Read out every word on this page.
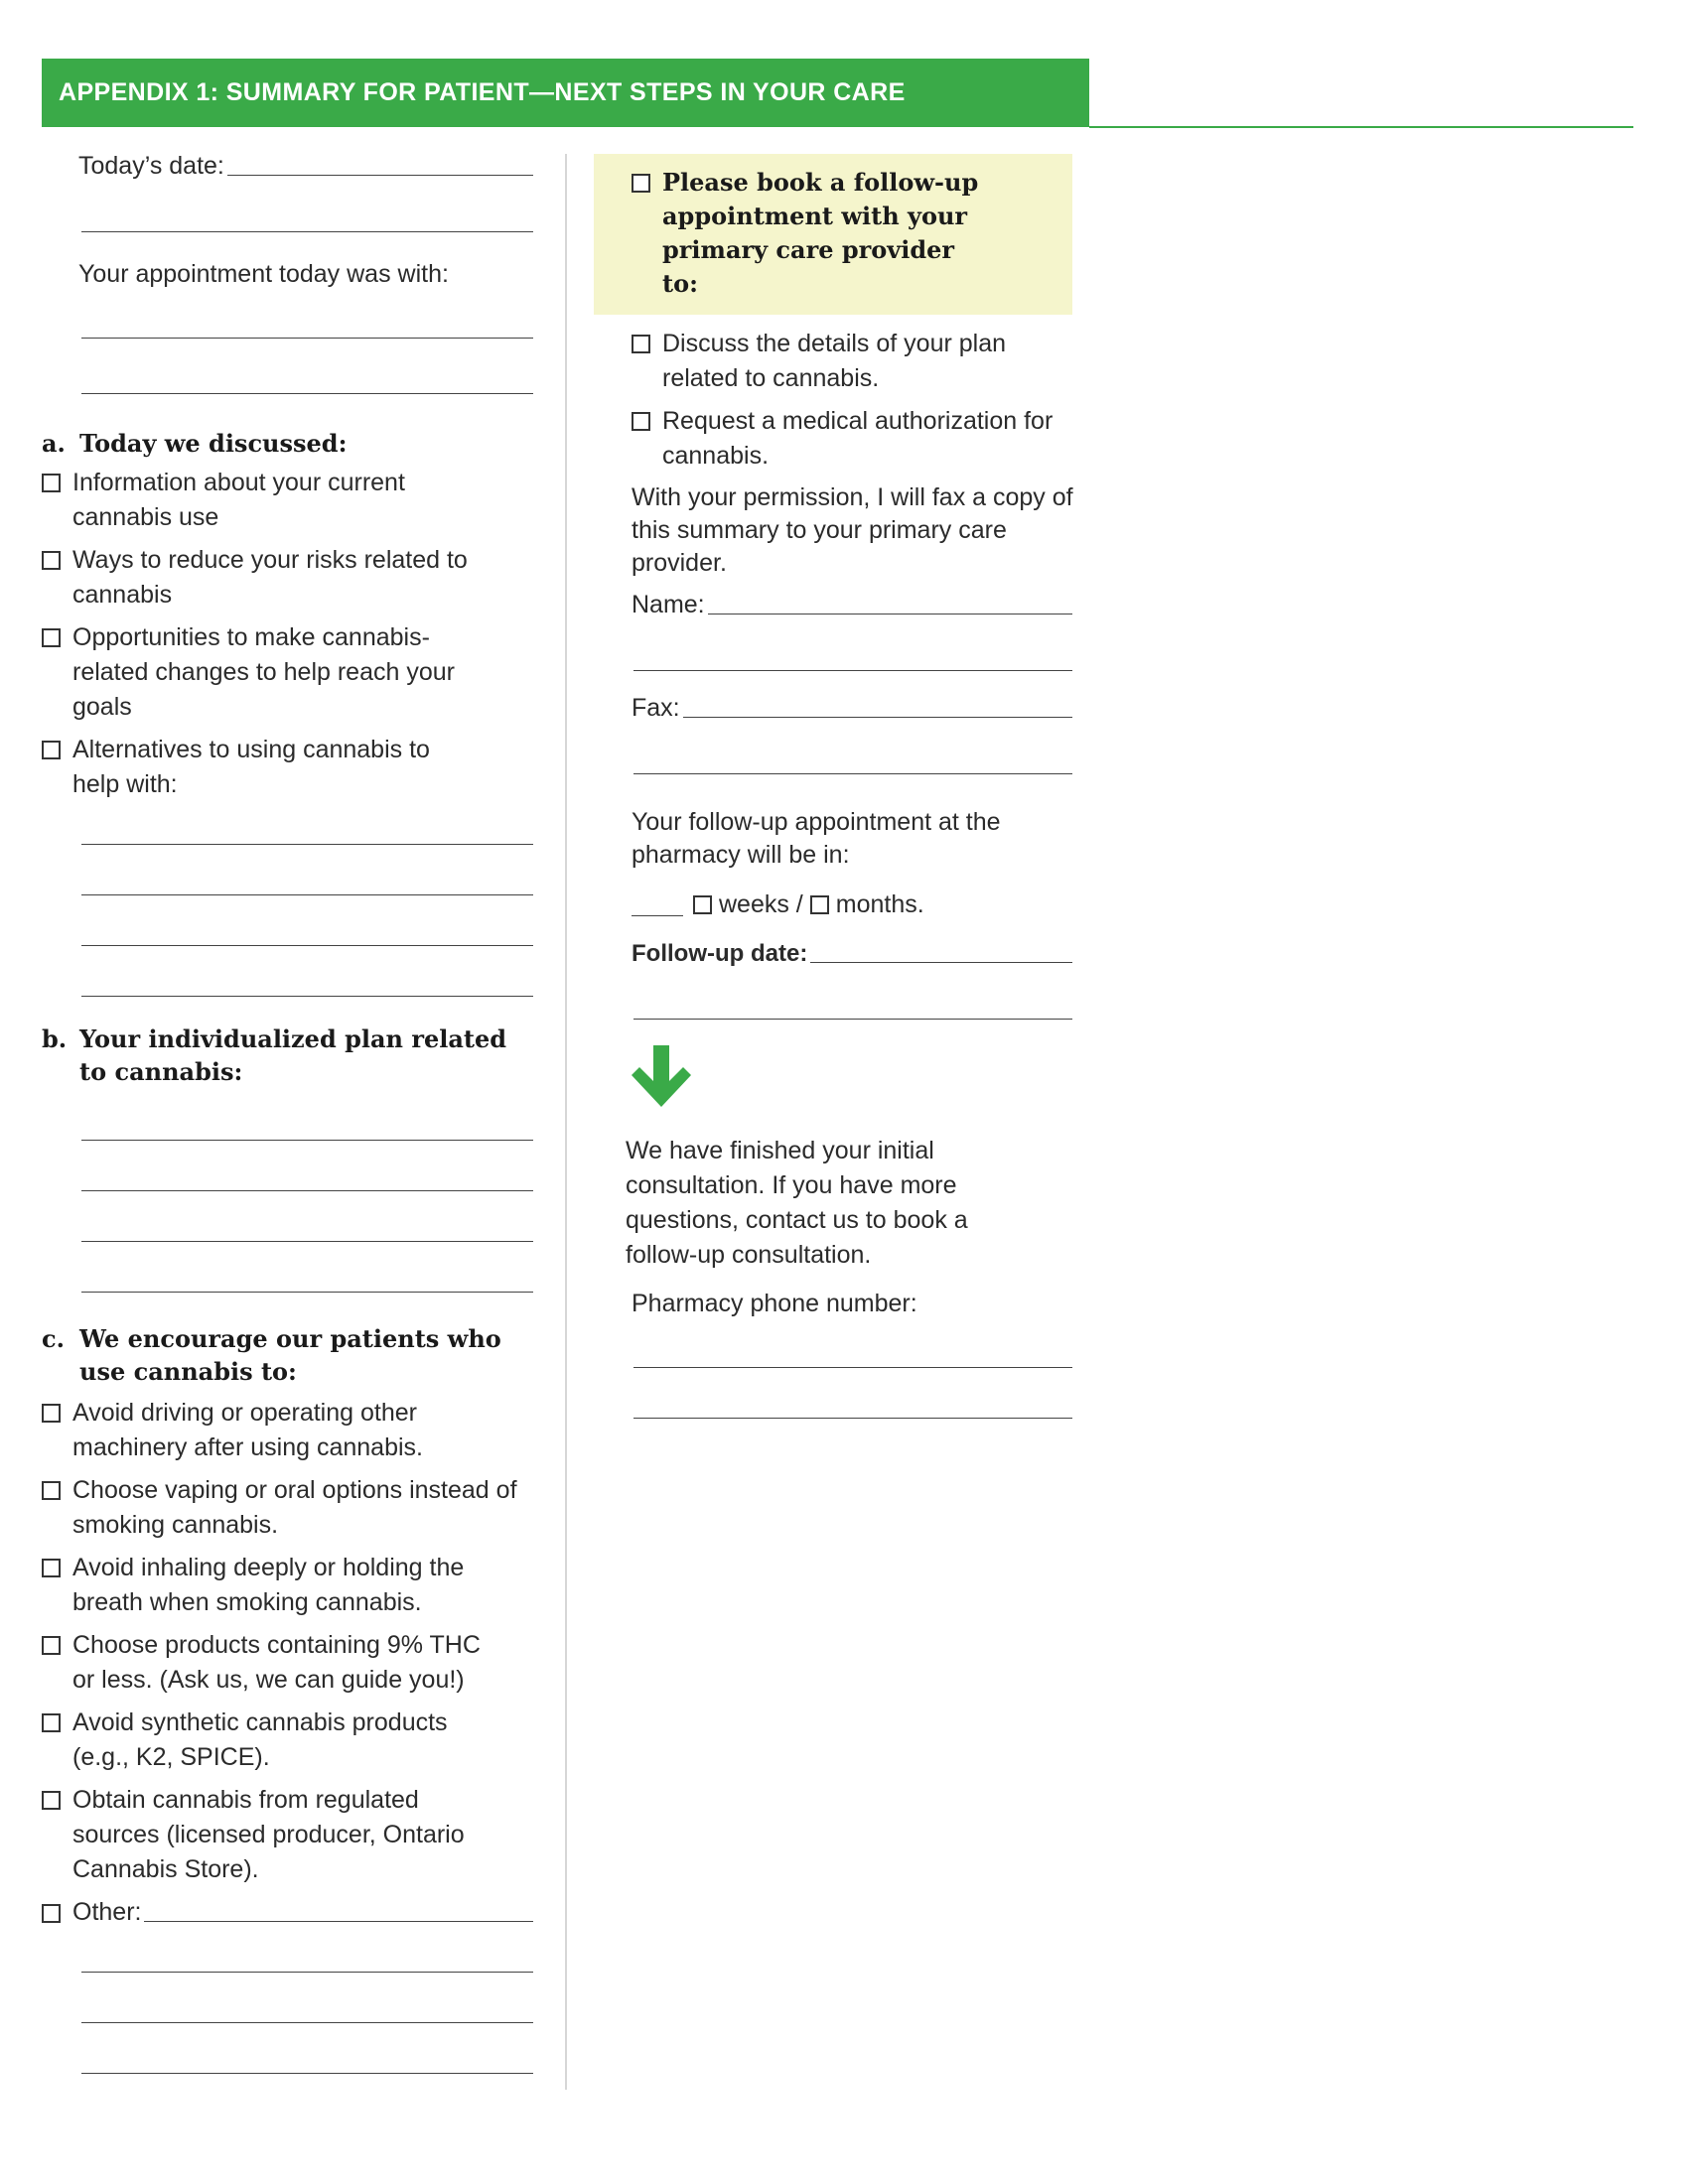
APPENDIX 1: SUMMARY FOR PATIENT—NEXT STEPS IN YOUR CARE
Today’s date:
Your appointment today was with:
a. Today we discussed:
Information about your current cannabis use
Ways to reduce your risks related to cannabis
Opportunities to make cannabis-related changes to help reach your goals
Alternatives to using cannabis to help with:
b. Your individualized plan related to cannabis:
c. We encourage our patients who use cannabis to:
Avoid driving or operating other machinery after using cannabis.
Choose vaping or oral options instead of smoking cannabis.
Avoid inhaling deeply or holding the breath when smoking cannabis.
Choose products containing 9% THC or less. (Ask us, we can guide you!)
Avoid synthetic cannabis products (e.g., K2, SPICE).
Obtain cannabis from regulated sources (licensed producer, Ontario Cannabis Store).
Other:
Please book a follow-up appointment with your primary care provider to:
Discuss the details of your plan related to cannabis.
Request a medical authorization for cannabis.
With your permission, I will fax a copy of this summary to your primary care provider.
Name:
Fax:
Your follow-up appointment at the pharmacy will be in:
weeks / months.
Follow-up date:
We have finished your initial consultation. If you have more questions, contact us to book a follow-up consultation.
Pharmacy phone number:
